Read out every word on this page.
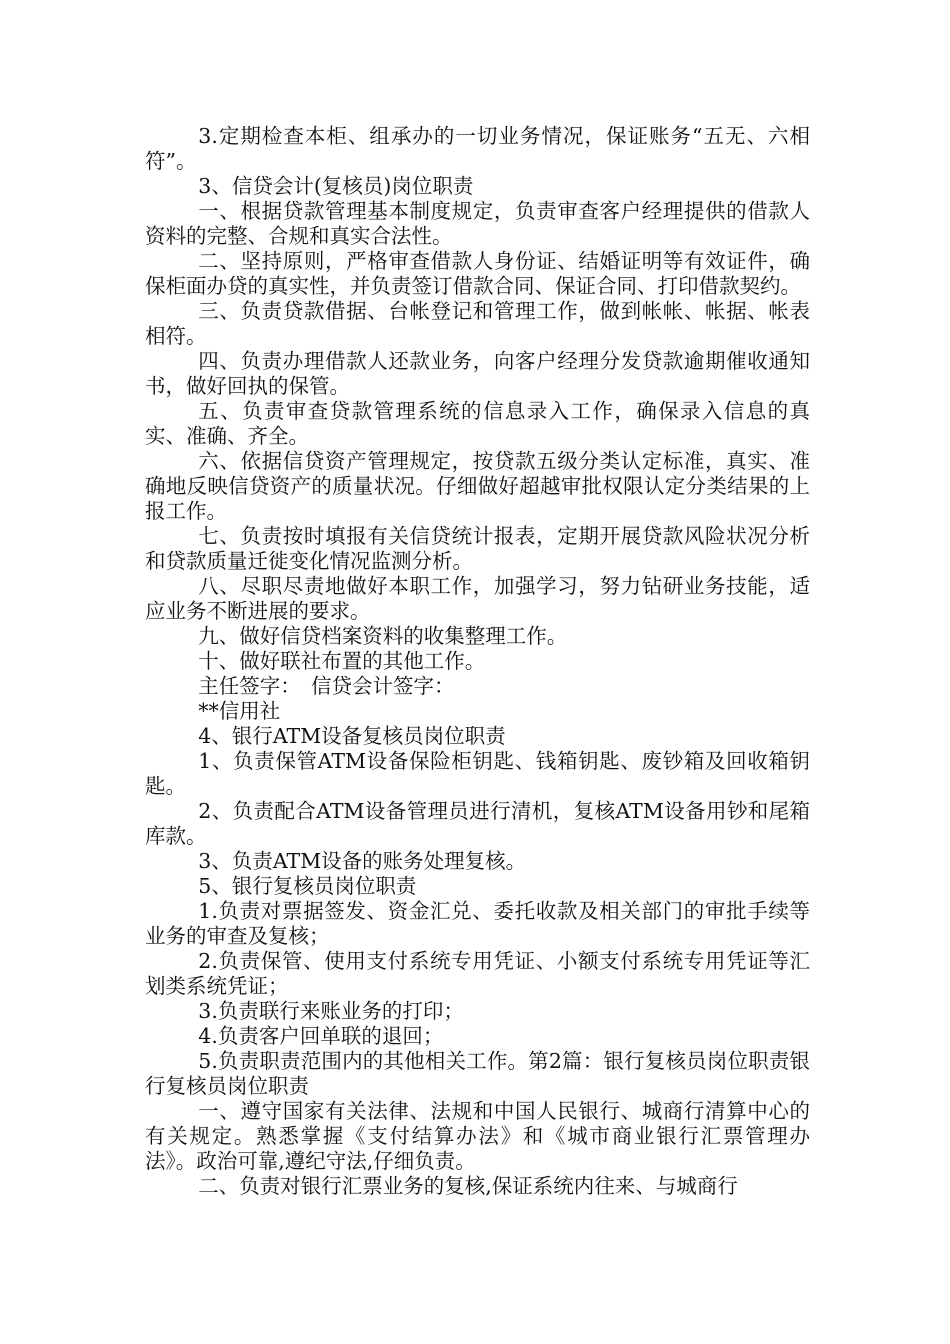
3.定期检查本柜、组承办的一切业务情况，保证账务“五无、六相符”。

3、信贷会计(复核员)岗位职责

一、根据贷款管理基本制度规定，负责审查客户经理提供的借款人资料的完整、合规和真实合法性。

二、坚持原则，严格审查借款人身份证、结婚证明等有效证件，确保柜面办贷的真实性，并负责签订借款合同、保证合同、打印借款契约。

三、负责贷款借据、台帐登记和管理工作，做到帐帐、帐据、帐表相符。

四、负责办理借款人还款业务，向客户经理分发贷款逾期催收通知书，做好回执的保管。

五、负责审查贷款管理系统的信息录入工作，确保录入信息的真实、准确、齐全。

六、依据信贷资产管理规定，按贷款五级分类认定标准，真实、准确地反映信贷资产的质量状况。仔细做好超越审批权限认定分类结果的上报工作。

七、负责按时填报有关信贷统计报表，定期开展贷款风险状况分析和贷款质量迁徙变化情况监测分析。

八、尽职尽责地做好本职工作，加强学习，努力钻研业务技能，适应业务不断进展的要求。

九、做好信贷档案资料的收集整理工作。

十、做好联社布置的其他工作。

主任签字：　信贷会计签字：

**信用社

4、银行ATM设备复核员岗位职责

1、负责保管ATM设备保险柜钥匙、钱箱钥匙、废钞箱及回收箱钥匙。

2、负责配合ATM设备管理员进行清机，复核ATM设备用钞和尾箱库款。

3、负责ATM设备的账务处理复核。

5、银行复核员岗位职责

1.负责对票据签发、资金汇兑、委托收款及相关部门的审批手续等业务的审查及复核；

2.负责保管、使用支付系统专用凭证、小额支付系统专用凭证等汇划类系统凭证；

3.负责联行来账业务的打印；

4.负责客户回单联的退回；

5.负责职责范围内的其他相关工作。第2篇：银行复核员岗位职责银行复核员岗位职责

一、遵守国家有关法律、法规和中国人民银行、城商行清算中心的有关规定。熟悉掌握《支付结算办法》和《城市商业银行汇票管理办法》。政治可靠,遵纪守法,仔细负责。

二、负责对银行汇票业务的复核,保证系统内往来、与城商行
